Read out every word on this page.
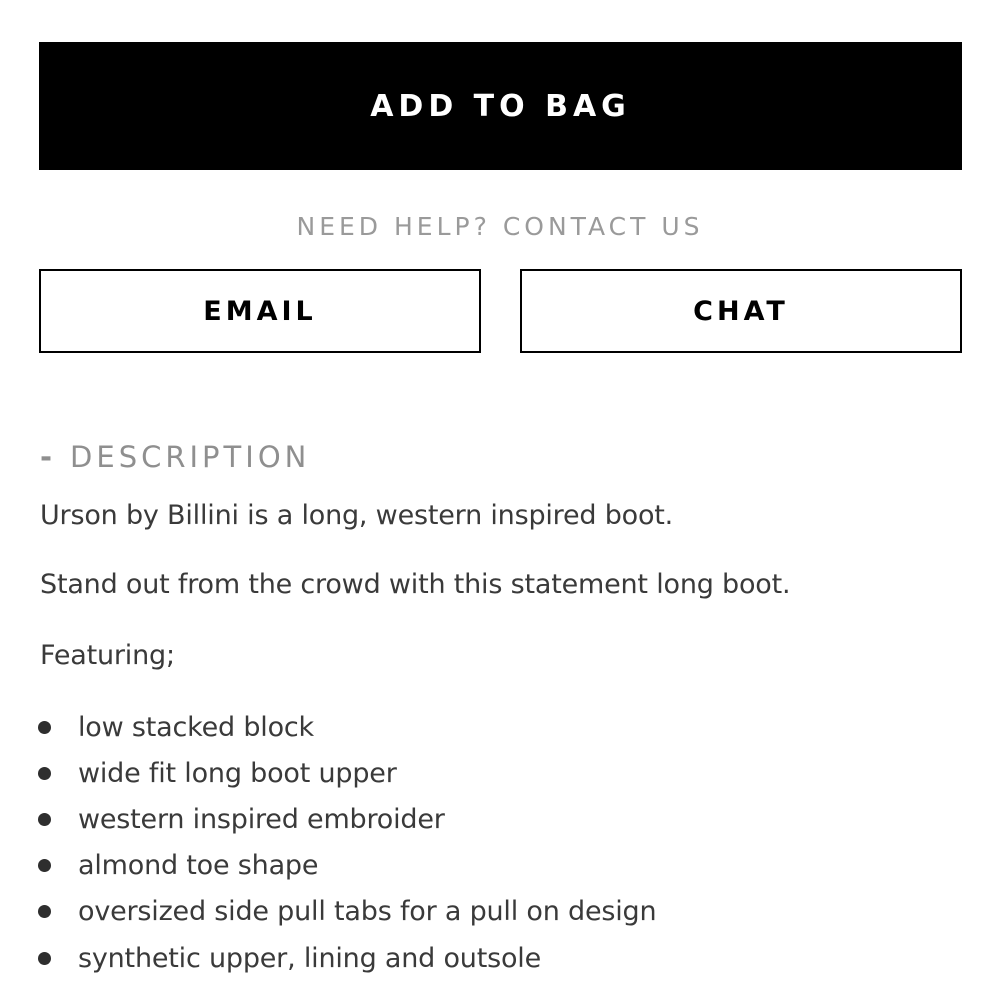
ADD TO BAG
NEED HELP? CONTACT US
EMAIL	CHAT
- DESCRIPTION
Urson by Billini is a long, western inspired boot.
Stand out from the crowd with this statement long boot.
Featuring;
low stacked block
wide fit long boot upper
western inspired embroider
almond toe shape
oversized side pull tabs for a pull on design
synthetic upper, lining and outsole
